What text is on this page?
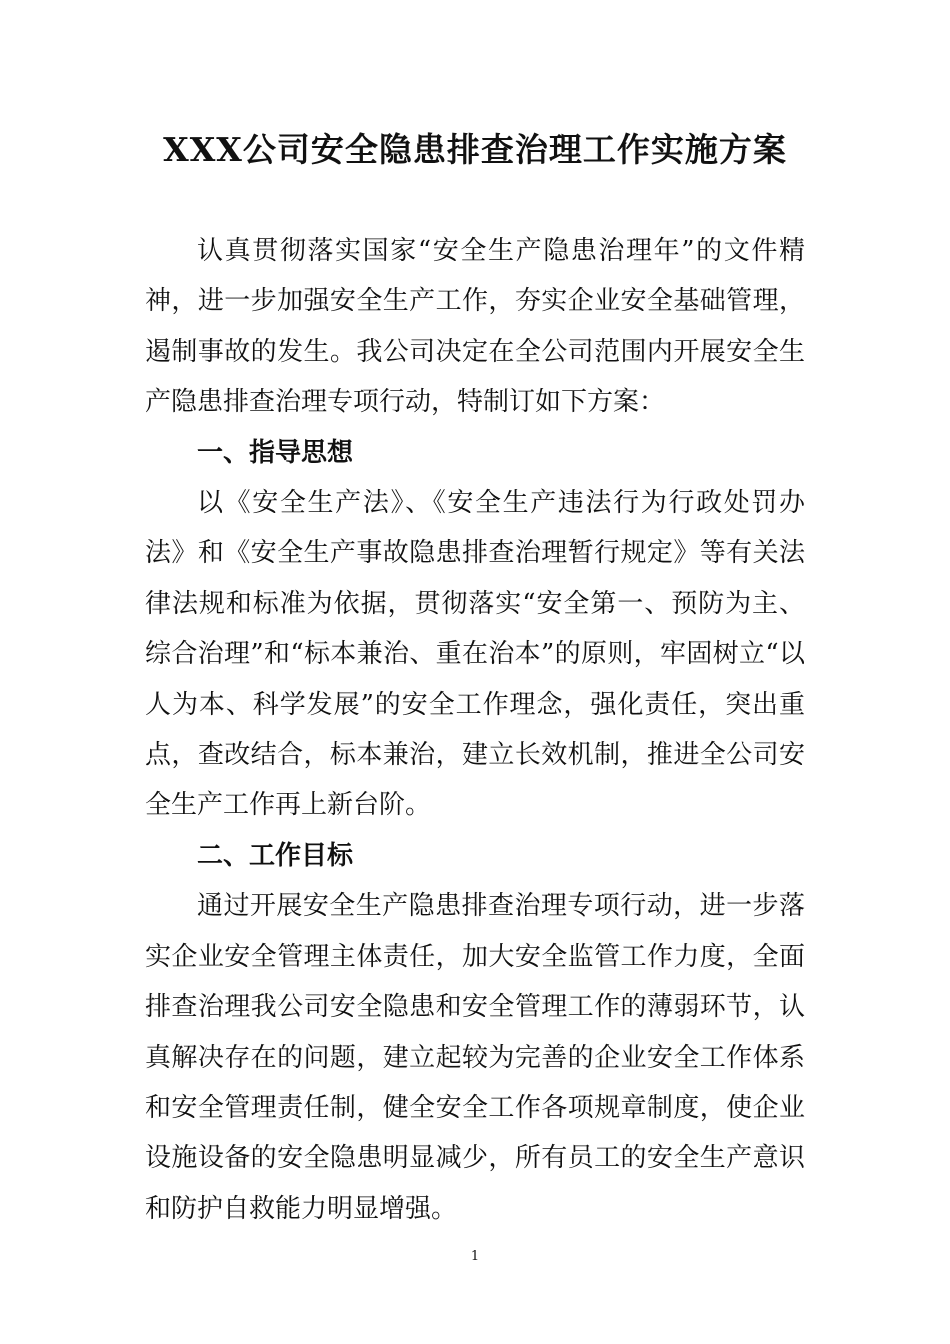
XXX公司安全隐患排查治理工作实施方案

认真贯彻落实国家“安全生产隐患治理年”的文件精神，进一步加强安全生产工作，夯实企业安全基础管理，遏制事故的发生。我公司决定在全公司范围内开展安全生产隐患排查治理专项行动，特制订如下方案：

一、指导思想

以《安全生产法》、《安全生产违法行为行政处罚办法》和《安全生产事故隐患排查治理暂行规定》等有关法律法规和标准为依据，贯彻落实“安全第一、预防为主、综合治理”和“标本兼治、重在治本”的原则，牢固树立“以人为本、科学发展”的安全工作理念，强化责任，突出重点，查改结合，标本兼治，建立长效机制，推进全公司安全生产工作再上新台阶。

二、工作目标

通过开展安全生产隐患排查治理专项行动，进一步落实企业安全管理主体责任，加大安全监管工作力度，全面排查治理我公司安全隐患和安全管理工作的薄弱环节，认真解决存在的问题，建立起较为完善的企业安全工作体系和安全管理责任制，健全安全工作各项规章制度，使企业设施设备的安全隐患明显减少，所有员工的安全生产意识和防护自救能力明显增强。

1
